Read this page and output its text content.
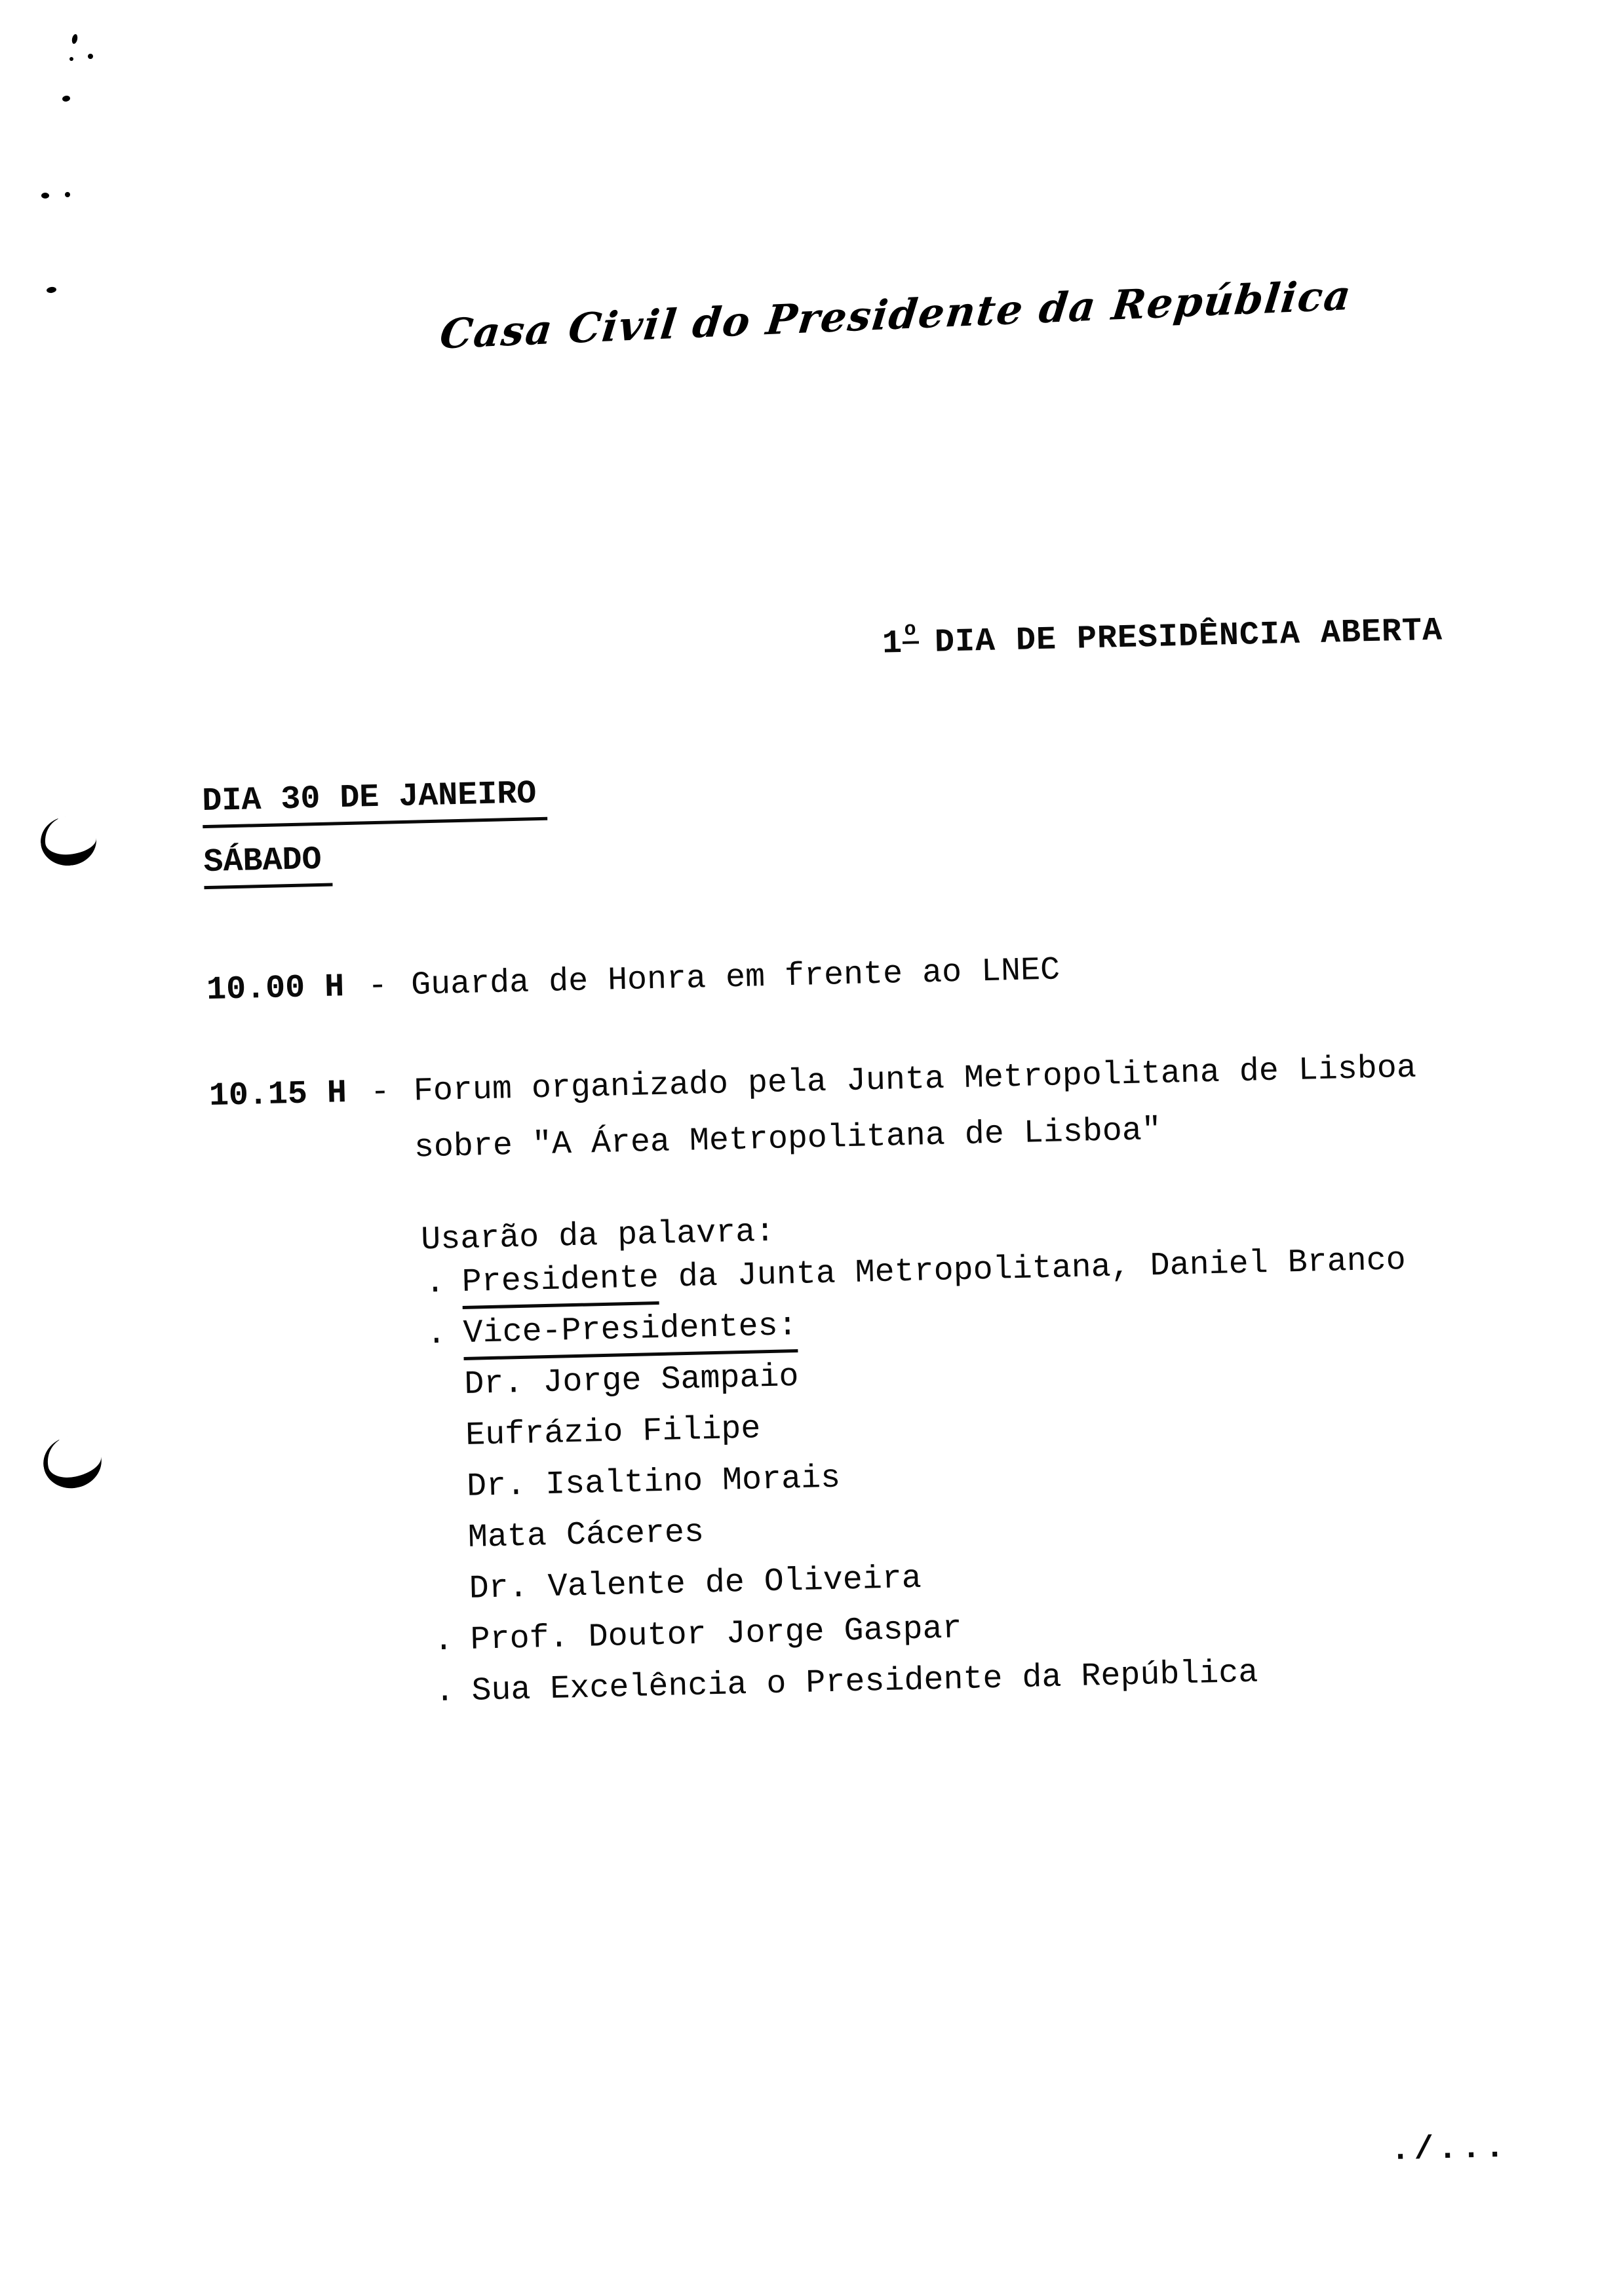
Casa Civil do Presidente da República
1o DIA DE PRESIDÊNCIA ABERTA
DIA 30 DE JANEIRO
SÁBADO
10.00 H - Guarda de Honra em frente ao LNEC
10.15 H - Forum organizado pela Junta Metropolitana de Lisboa
sobre "A Área Metropolitana de Lisboa"
Usarão da palavra:
. Presidente da Junta Metropolitana, Daniel Branco
. Vice-Presidentes:
Dr. Jorge Sampaio
Eufrázio Filipe
Dr. Isaltino Morais
Mata Cáceres
Dr. Valente de Oliveira
. Prof. Doutor Jorge Gaspar
. Sua Excelência o Presidente da República
./...
